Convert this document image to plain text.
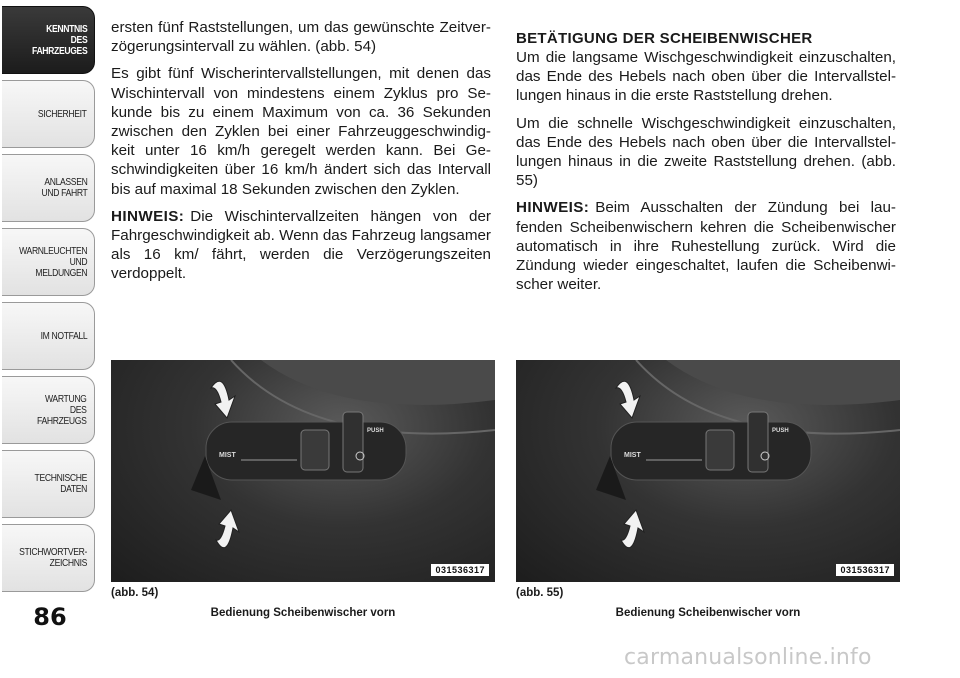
KENNTNIS
DES
FAHRZEUGES
SICHERHEIT
ANLASSEN
UND FAHRT
WARNLEUCHTEN
UND
MELDUNGEN
IM NOTFALL
WARTUNG
DES
FAHRZEUGS
TECHNISCHE
DATEN
STICHWORTVER-
ZEICHNIS
86

ersten fünf Raststellungen, um das gewünschte Zeitver- zögerungsintervall zu wählen. (abb. 54)

Es gibt fünf Wischerintervallstellungen, mit denen das Wischintervall von mindestens einem Zyklus pro Se- kunde bis zu einem Maximum von ca. 36 Sekunden zwischen den Zyklen bei einer Fahrzeuggeschwindig- keit unter 16 km/h geregelt werden kann. Bei Ge- schwindigkeiten über 16 km/h ändert sich das Intervall bis auf maximal 18 Sekunden zwischen den Zyklen.

HINWEIS: Die Wischintervallzeiten hängen von der Fahrgeschwindigkeit ab. Wenn das Fahrzeug langsamer als 16 km/ fährt, werden die Verzögerungszeiten verdoppelt.

BETÄTIGUNG DER SCHEIBENWISCHER

Um die langsame Wischgeschwindigkeit einzuschalten, das Ende des Hebels nach oben über die Intervallstel- lungen hinaus in die erste Raststellung drehen.

Um die schnelle Wischgeschwindigkeit einzuschalten, das Ende des Hebels nach oben über die Intervallstel- lungen hinaus in die zweite Raststellung drehen. (abb. 55)

HINWEIS: Beim Ausschalten der Zündung bei lau- fenden Scheibenwischern kehren die Scheibenwischer automatisch in ihre Ruhestellung zurück. Wird die Zündung wieder eingeschaltet, laufen die Scheibenwi- scher weiter.

MIST
PUSH
031536317
(abb. 54)
Bedienung Scheibenwischer vorn
MIST
PUSH
031536317
(abb. 55)
Bedienung Scheibenwischer vorn
carmanualsonline.info
